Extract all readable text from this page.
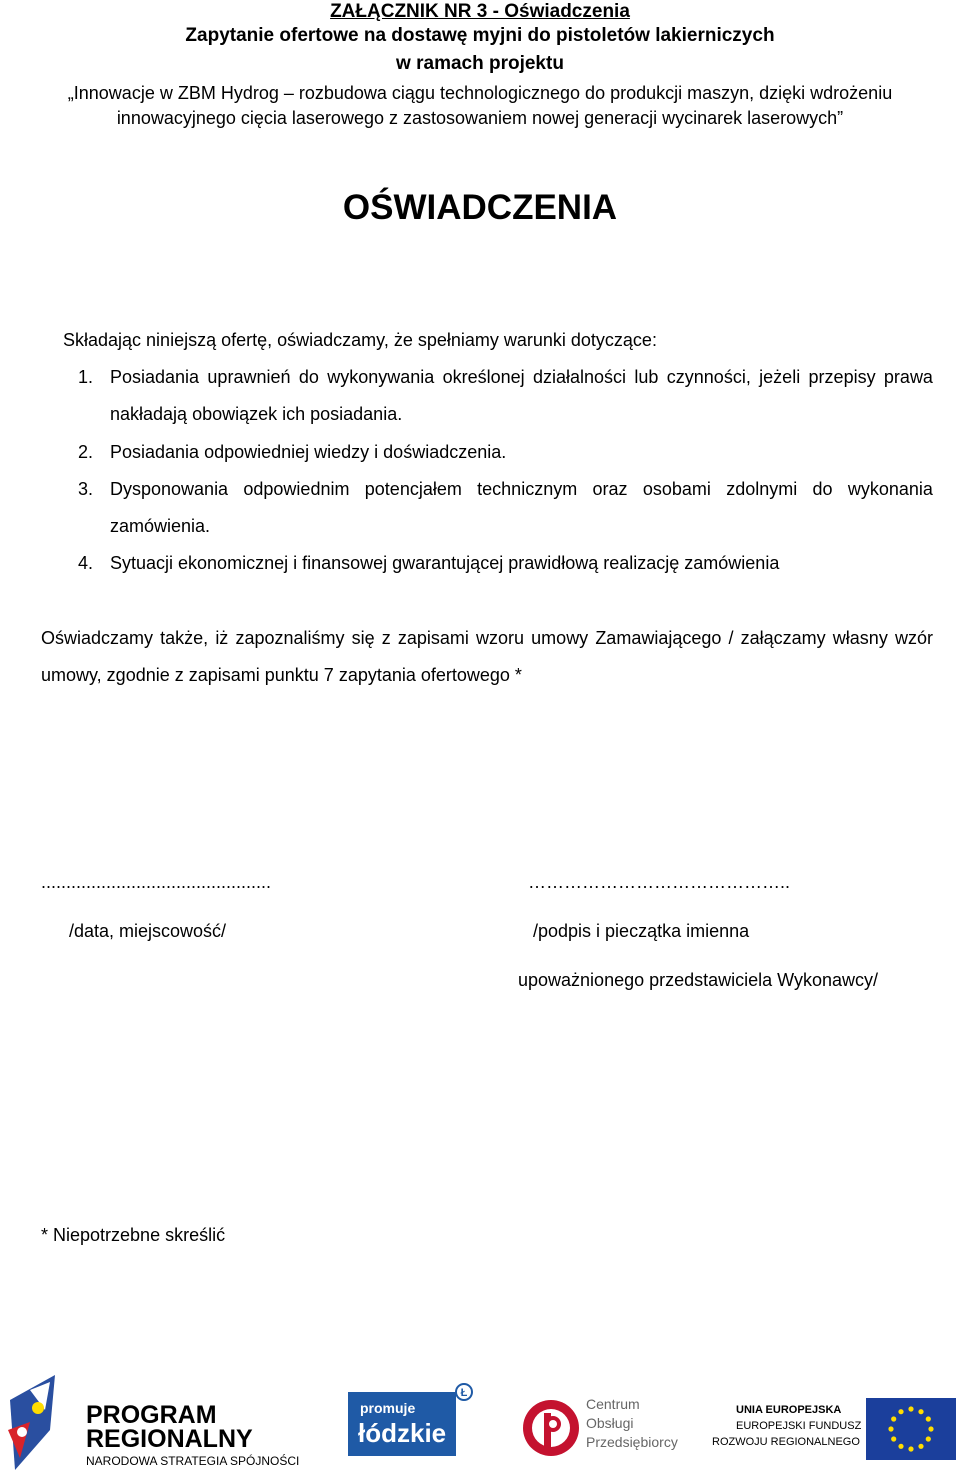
ZAŁĄCZNIK NR 3 - Oświadczenia
Zapytanie ofertowe na dostawę myjni do pistoletów lakierniczych
w ramach projektu
„Innowacje w ZBM Hydrog – rozbudowa ciągu technologicznego do produkcji maszyn, dzięki wdrożeniu
innowacyjnego cięcia laserowego z zastosowaniem nowej generacji wycinarek laserowych”
OŚWIADCZENIA
Składając niniejszą ofertę, oświadczamy, że spełniamy warunki dotyczące:
1. Posiadania uprawnień do wykonywania określonej działalności lub czynności, jeżeli przepisy prawa
nakładają obowiązek ich posiadania.
2. Posiadania odpowiedniej wiedzy i doświadczenia.
3. Dysponowania odpowiednim potencjałem technicznym oraz osobami zdolnymi do wykonania
zamówienia.
4. Sytuacji ekonomicznej i finansowej gwarantującej prawidłową realizację zamówienia
Oświadczamy także, iż zapoznaliśmy się z zapisami wzoru umowy Zamawiającego / załączamy własny wzór
umowy, zgodnie z zapisami punktu 7 zapytania ofertowego *
..............................................	……………………………………..
/data, miejscowość/	/podpis i pieczątka imienna
upoważnionego przedstawiciela Wykonawcy/
* Niepotrzebne skreślić
PROGRAM
REGIONALNY
NARODOWA STRATEGIA SPÓJNOŚCI
promuje
łódzkie
Ł
Centrum
Obsługi
Przedsiębiorcy
UNIA EUROPEJSKA
EUROPEJSKI FUNDUSZ
ROZWOJU REGIONALNEGO
